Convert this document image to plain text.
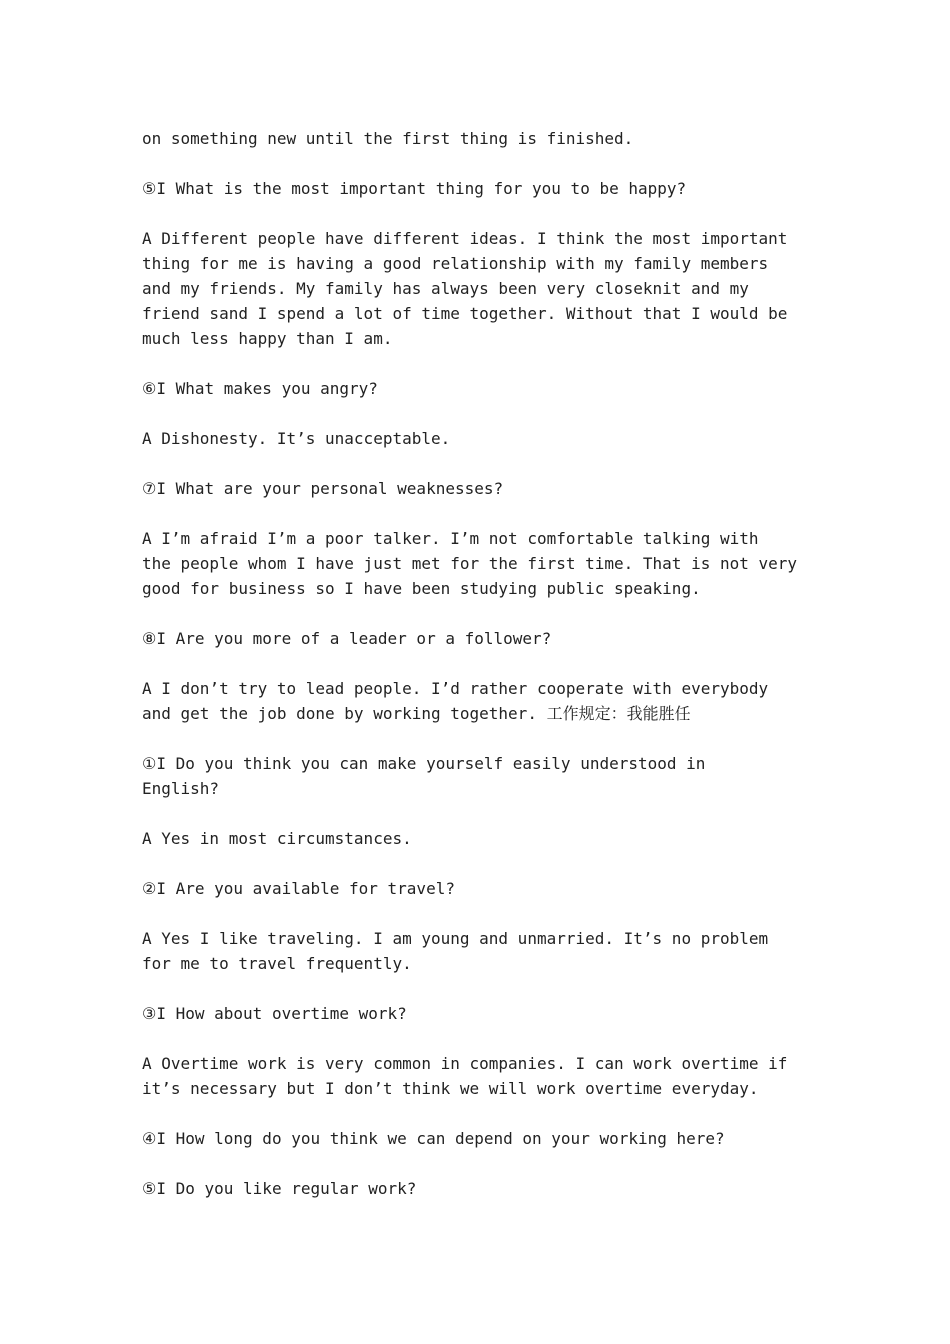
on something new until the first thing is finished.
⑤I What is the most important thing for you to be happy?
A Different people have different ideas. I think the most important
thing for me is having a good relationship with my family members
and my friends. My family has always been very closeknit and my
friend sand I spend a lot of time together. Without that I would be
much less happy than I am.
⑥I What makes you angry?
A Dishonesty. It’s unacceptable.
⑦I What are your personal weaknesses?
A I’m afraid I’m a poor talker. I’m not comfortable talking with
the people whom I have just met for the first time. That is not very
good for business so I have been studying public speaking.
⑧I Are you more of a leader or a follower?
A I don’t try to lead people. I’d rather cooperate with everybody
and get the job done by working together. 工作规定：我能胜任
①I Do you think you can make yourself easily understood in
English?
A Yes in most circumstances.
②I Are you available for travel?
A Yes I like traveling. I am young and unmarried. It’s no problem
for me to travel frequently.
③I How about overtime work?
A Overtime work is very common in companies. I can work overtime if
it’s necessary but I don’t think we will work overtime everyday.
④I How long do you think we can depend on your working here?
⑤I Do you like regular work?
